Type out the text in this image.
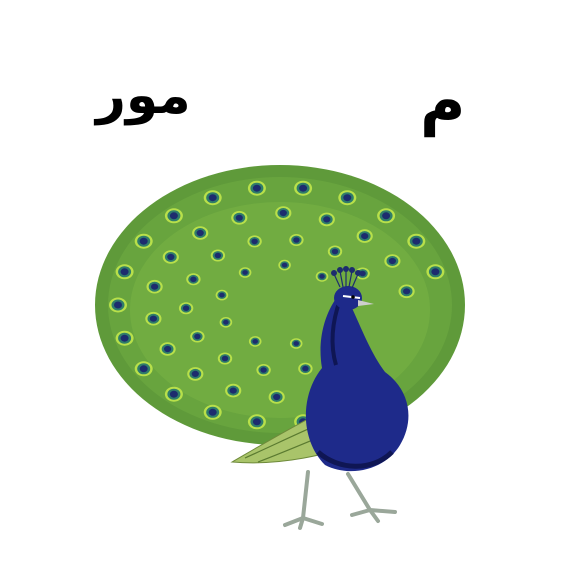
مور	م
